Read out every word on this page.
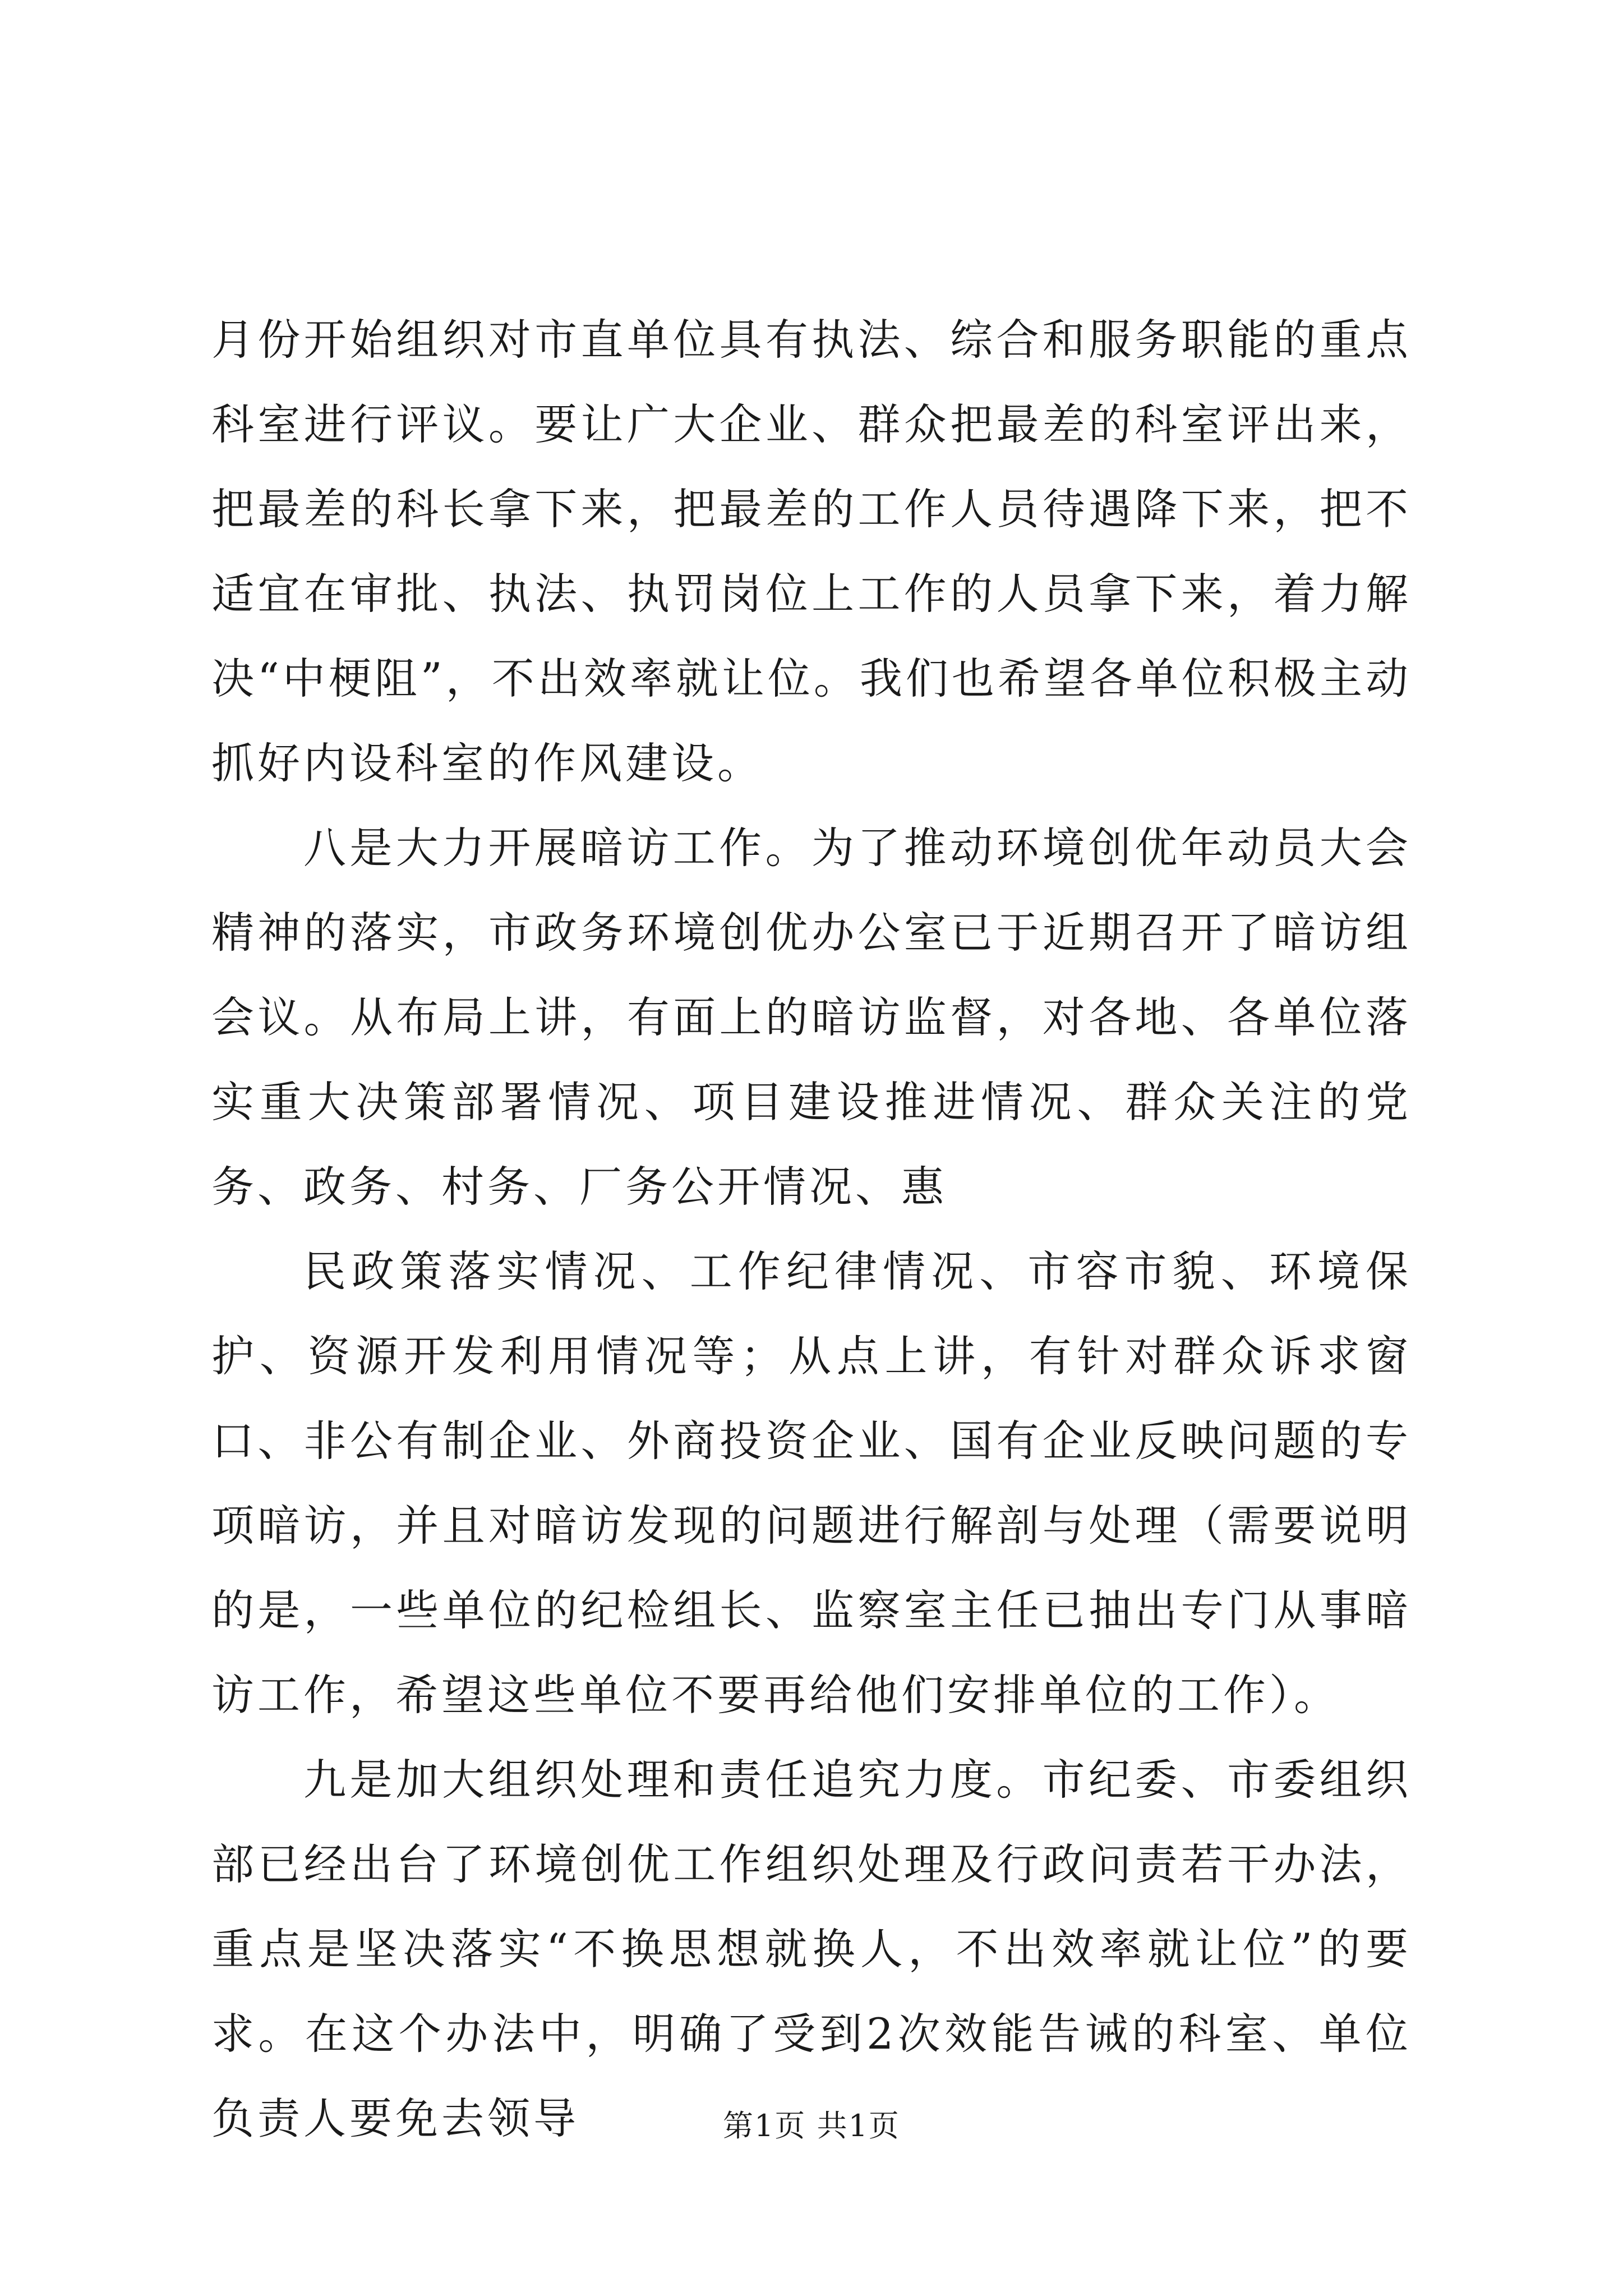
月份开始组织对市直单位具有执法、综合和服务职能的重点科室进行评议。要让广大企业、群众把最差的科室评出来，把最差的科长拿下来，把最差的工作人员待遇降下来，把不适宜在审批、执法、执罚岗位上工作的人员拿下来，着力解决“中梗阻”，不出效率就让位。我们也希望各单位积极主动抓好内设科室的作风建设。

八是大力开展暗访工作。为了推动环境创优年动员大会精神的落实，市政务环境创优办公室已于近期召开了暗访组会议。从布局上讲，有面上的暗访监督，对各地、各单位落实重大决策部署情况、项目建设推进情况、群众关注的党务、政务、村务、厂务公开情况、惠

民政策落实情况、工作纪律情况、市容市貌、环境保护、资源开发利用情况等；从点上讲，有针对群众诉求窗口、非公有制企业、外商投资企业、国有企业反映问题的专项暗访，并且对暗访发现的问题进行解剖与处理（需要说明的是，一些单位的纪检组长、监察室主任已抽出专门从事暗访工作，希望这些单位不要再给他们安排单位的工作）。

九是加大组织处理和责任追究力度。市纪委、市委组织部已经出台了环境创优工作组织处理及行政问责若干办法，重点是坚决落实“不换思想就换人，不出效率就让位”的要求。在这个办法中，明确了受到2次效能告诫的科室、单位负责人要免去领导	第1页 共1页
